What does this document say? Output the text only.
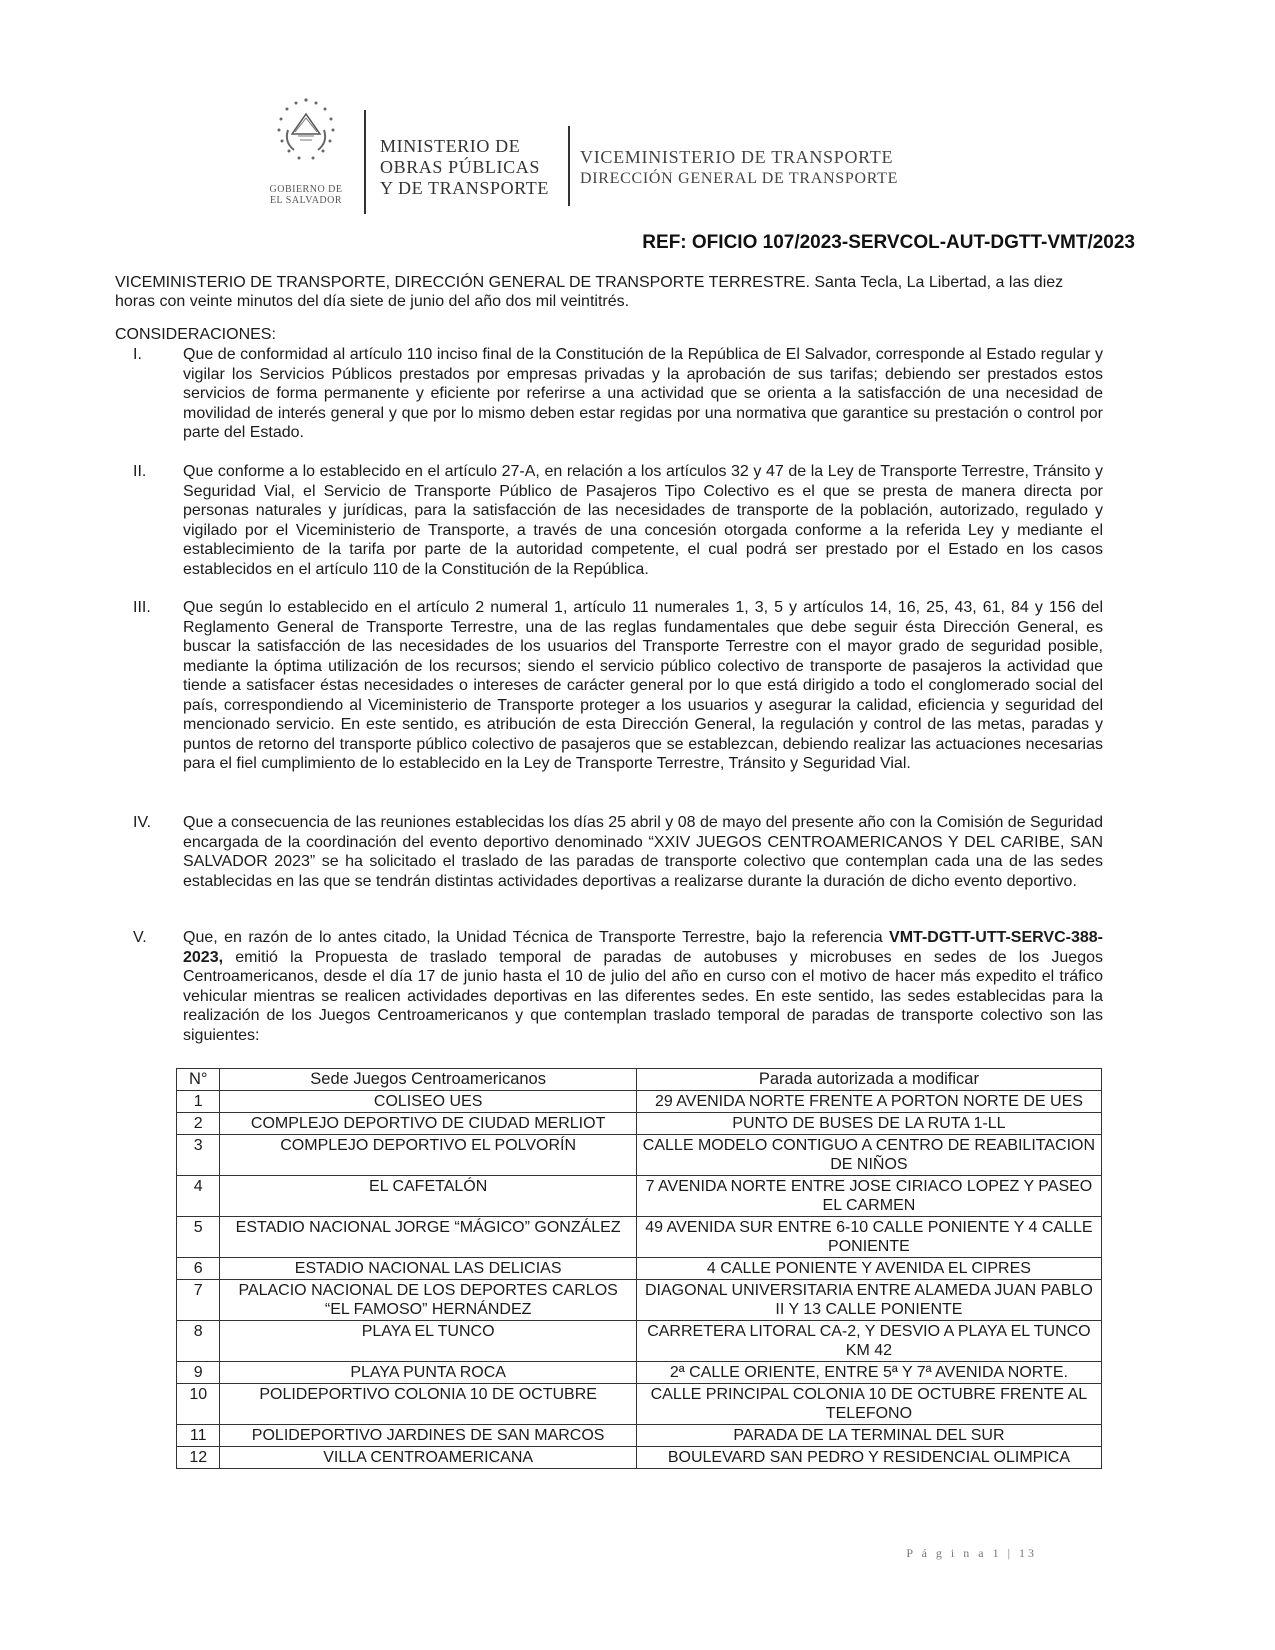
GOBIERNO DE
EL SALVADOR
MINISTERIO DE
OBRAS PÚBLICAS
Y DE TRANSPORTE
VICEMINISTERIO DE TRANSPORTE
DIRECCIÓN GENERAL DE TRANSPORTE

REF: OFICIO 107/2023-SERVCOL-AUT-DGTT-VMT/2023

VICEMINISTERIO DE TRANSPORTE, DIRECCIÓN GENERAL DE TRANSPORTE TERRESTRE. Santa Tecla, La Libertad, a las diez horas con veinte minutos del día siete de junio del año dos mil veintitrés.

CONSIDERACIONES:

I.	Que de conformidad al artículo 110 inciso final de la Constitución de la República de El Salvador, corresponde al Estado regular y vigilar los Servicios Públicos prestados por empresas privadas y la aprobación de sus tarifas; debiendo ser prestados estos servicios de forma permanente y eficiente por referirse a una actividad que se orienta a la satisfacción de una necesidad de movilidad de interés general y que por lo mismo deben estar regidas por una normativa que garantice su prestación o control por parte del Estado.

II.	Que conforme a lo establecido en el artículo 27-A, en relación a los artículos 32 y 47 de la Ley de Transporte Terrestre, Tránsito y Seguridad Vial, el Servicio de Transporte Público de Pasajeros Tipo Colectivo es el que se presta de manera directa por personas naturales y jurídicas, para la satisfacción de las necesidades de transporte de la población, autorizado, regulado y vigilado por el Viceministerio de Transporte, a través de una concesión otorgada conforme a la referida Ley y mediante el establecimiento de la tarifa por parte de la autoridad competente, el cual podrá ser prestado por el Estado en los casos establecidos en el artículo 110 de la Constitución de la República.

III.	Que según lo establecido en el artículo 2 numeral 1, artículo 11 numerales 1, 3, 5 y artículos 14, 16, 25, 43, 61, 84 y 156 del Reglamento General de Transporte Terrestre, una de las reglas fundamentales que debe seguir ésta Dirección General, es buscar la satisfacción de las necesidades de los usuarios del Transporte Terrestre con el mayor grado de seguridad posible, mediante la óptima utilización de los recursos; siendo el servicio público colectivo de transporte de pasajeros la actividad que tiende a satisfacer éstas necesidades o intereses de carácter general por lo que está dirigido a todo el conglomerado social del país, correspondiendo al Viceministerio de Transporte proteger a los usuarios y asegurar la calidad, eficiencia y seguridad del mencionado servicio. En este sentido, es atribución de esta Dirección General, la regulación y control de las metas, paradas y puntos de retorno del transporte público colectivo de pasajeros que se establezcan, debiendo realizar las actuaciones necesarias para el fiel cumplimiento de lo establecido en la Ley de Transporte Terrestre, Tránsito y Seguridad Vial.

IV.	Que a consecuencia de las reuniones establecidas los días 25 abril y 08 de mayo del presente año con la Comisión de Seguridad encargada de la coordinación del evento deportivo denominado “XXIV JUEGOS CENTROAMERICANOS Y DEL CARIBE, SAN SALVADOR 2023” se ha solicitado el traslado de las paradas de transporte colectivo que contemplan cada una de las sedes establecidas en las que se tendrán distintas actividades deportivas a realizarse durante la duración de dicho evento deportivo.

V.	Que, en razón de lo antes citado, la Unidad Técnica de Transporte Terrestre, bajo la referencia VMT-DGTT-UTT-SERVC-388-2023, emitió la Propuesta de traslado temporal de paradas de autobuses y microbuses en sedes de los Juegos Centroamericanos, desde el día 17 de junio hasta el 10 de julio del año en curso con el motivo de hacer más expedito el tráfico vehicular mientras se realicen actividades deportivas en las diferentes sedes. En este sentido, las sedes establecidas para la realización de los Juegos Centroamericanos y que contemplan traslado temporal de paradas de transporte colectivo son las siguientes:

N°	Sede Juegos Centroamericanos	Parada autorizada a modificar
1	COLISEO UES	29 AVENIDA NORTE FRENTE A PORTON NORTE DE UES
2	COMPLEJO DEPORTIVO DE CIUDAD MERLIOT	PUNTO DE BUSES DE LA RUTA 1-LL
3	COMPLEJO DEPORTIVO EL POLVORÍN	CALLE MODELO CONTIGUO A CENTRO DE REABILITACION DE NIÑOS
4	EL CAFETALÓN	7 AVENIDA NORTE ENTRE JOSE CIRIACO LOPEZ Y PASEO EL CARMEN
5	ESTADIO NACIONAL JORGE “MÁGICO” GONZÁLEZ	49 AVENIDA SUR ENTRE 6-10 CALLE PONIENTE Y 4 CALLE PONIENTE
6	ESTADIO NACIONAL LAS DELICIAS	4 CALLE PONIENTE Y AVENIDA EL CIPRES
7	PALACIO NACIONAL DE LOS DEPORTES CARLOS “EL FAMOSO” HERNÁNDEZ	DIAGONAL UNIVERSITARIA ENTRE ALAMEDA JUAN PABLO II Y 13 CALLE PONIENTE
8	PLAYA EL TUNCO	CARRETERA LITORAL CA-2, Y DESVIO A PLAYA EL TUNCO KM 42
9	PLAYA PUNTA ROCA	2ª CALLE ORIENTE, ENTRE 5ª Y 7ª AVENIDA NORTE.
10	POLIDEPORTIVO COLONIA 10 DE OCTUBRE	CALLE PRINCIPAL COLONIA 10 DE OCTUBRE FRENTE AL TELEFONO
11	POLIDEPORTIVO JARDINES DE SAN MARCOS	PARADA DE LA TERMINAL DEL SUR
12	VILLA CENTROAMERICANA	BOULEVARD SAN PEDRO Y RESIDENCIAL OLIMPICA

P á g i n a 1 | 13
